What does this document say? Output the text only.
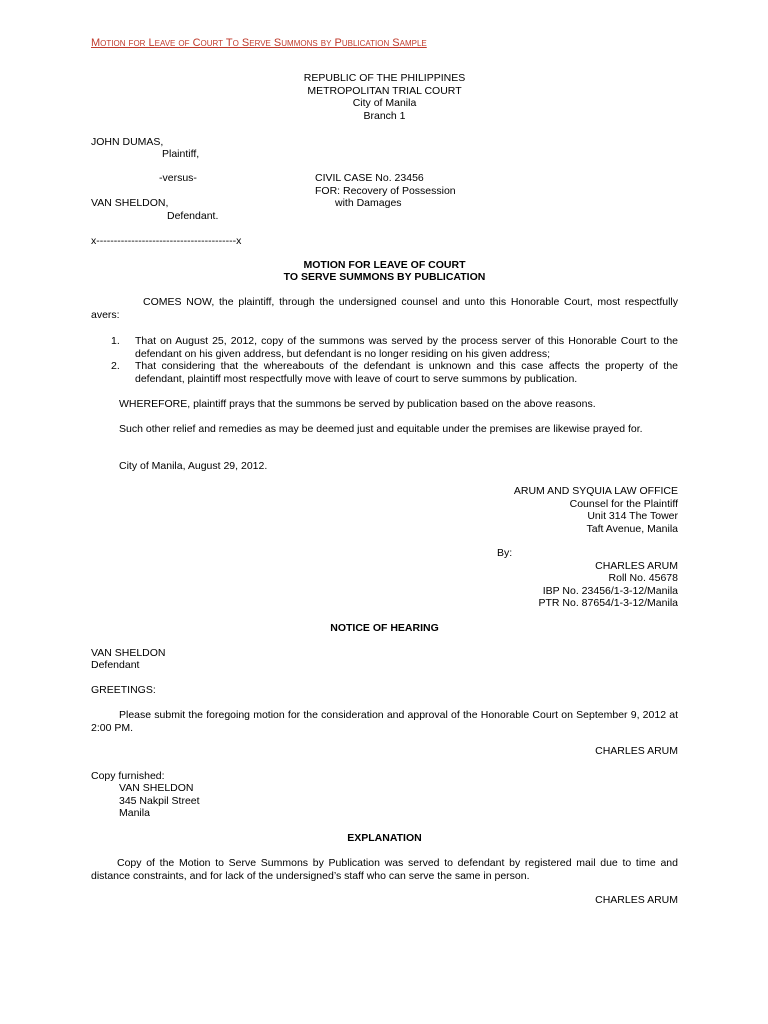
Motion for Leave of Court To Serve Summons by Publication Sample
REPUBLIC OF THE PHILIPPINES
METROPOLITAN TRIAL COURT
City of Manila
Branch 1
JOHN DUMAS,
Plaintiff,
-versus-	CIVIL CASE No. 23456
FOR: Recovery of Possession
VAN SHELDON,	with Damages
Defendant.
x----------------------------------------x
MOTION FOR LEAVE OF COURT
TO SERVE SUMMONS BY PUBLICATION
COMES NOW, the plaintiff, through the undersigned counsel and unto this Honorable Court, most respectfully avers:
1. That on August 25, 2012, copy of the summons was served by the process server of this Honorable Court to the defendant on his given address, but defendant is no longer residing on his given address;
2. That considering that the whereabouts of the defendant is unknown and this case affects the property of the defendant, plaintiff most respectfully move with leave of court to serve summons by publication.
WHEREFORE, plaintiff prays that the summons be served by publication based on the above reasons.
Such other relief and remedies as may be deemed just and equitable under the premises are likewise prayed for.
City of Manila, August 29, 2012.
ARUM AND SYQUIA LAW OFFICE
Counsel for the Plaintiff
Unit 314 The Tower
Taft Avenue, Manila
By:
CHARLES ARUM
Roll No. 45678
IBP No. 23456/1-3-12/Manila
PTR No. 87654/1-3-12/Manila
NOTICE OF HEARING
VAN SHELDON
Defendant
GREETINGS:
Please submit the foregoing motion for the consideration and approval of the Honorable Court on September 9, 2012 at 2:00 PM.
CHARLES ARUM
Copy furnished:
VAN SHELDON
345 Nakpil Street
Manila
EXPLANATION
Copy of the Motion to Serve Summons by Publication was served to defendant by registered mail due to time and distance constraints, and for lack of the undersigned’s staff who can serve the same in person.
CHARLES ARUM
